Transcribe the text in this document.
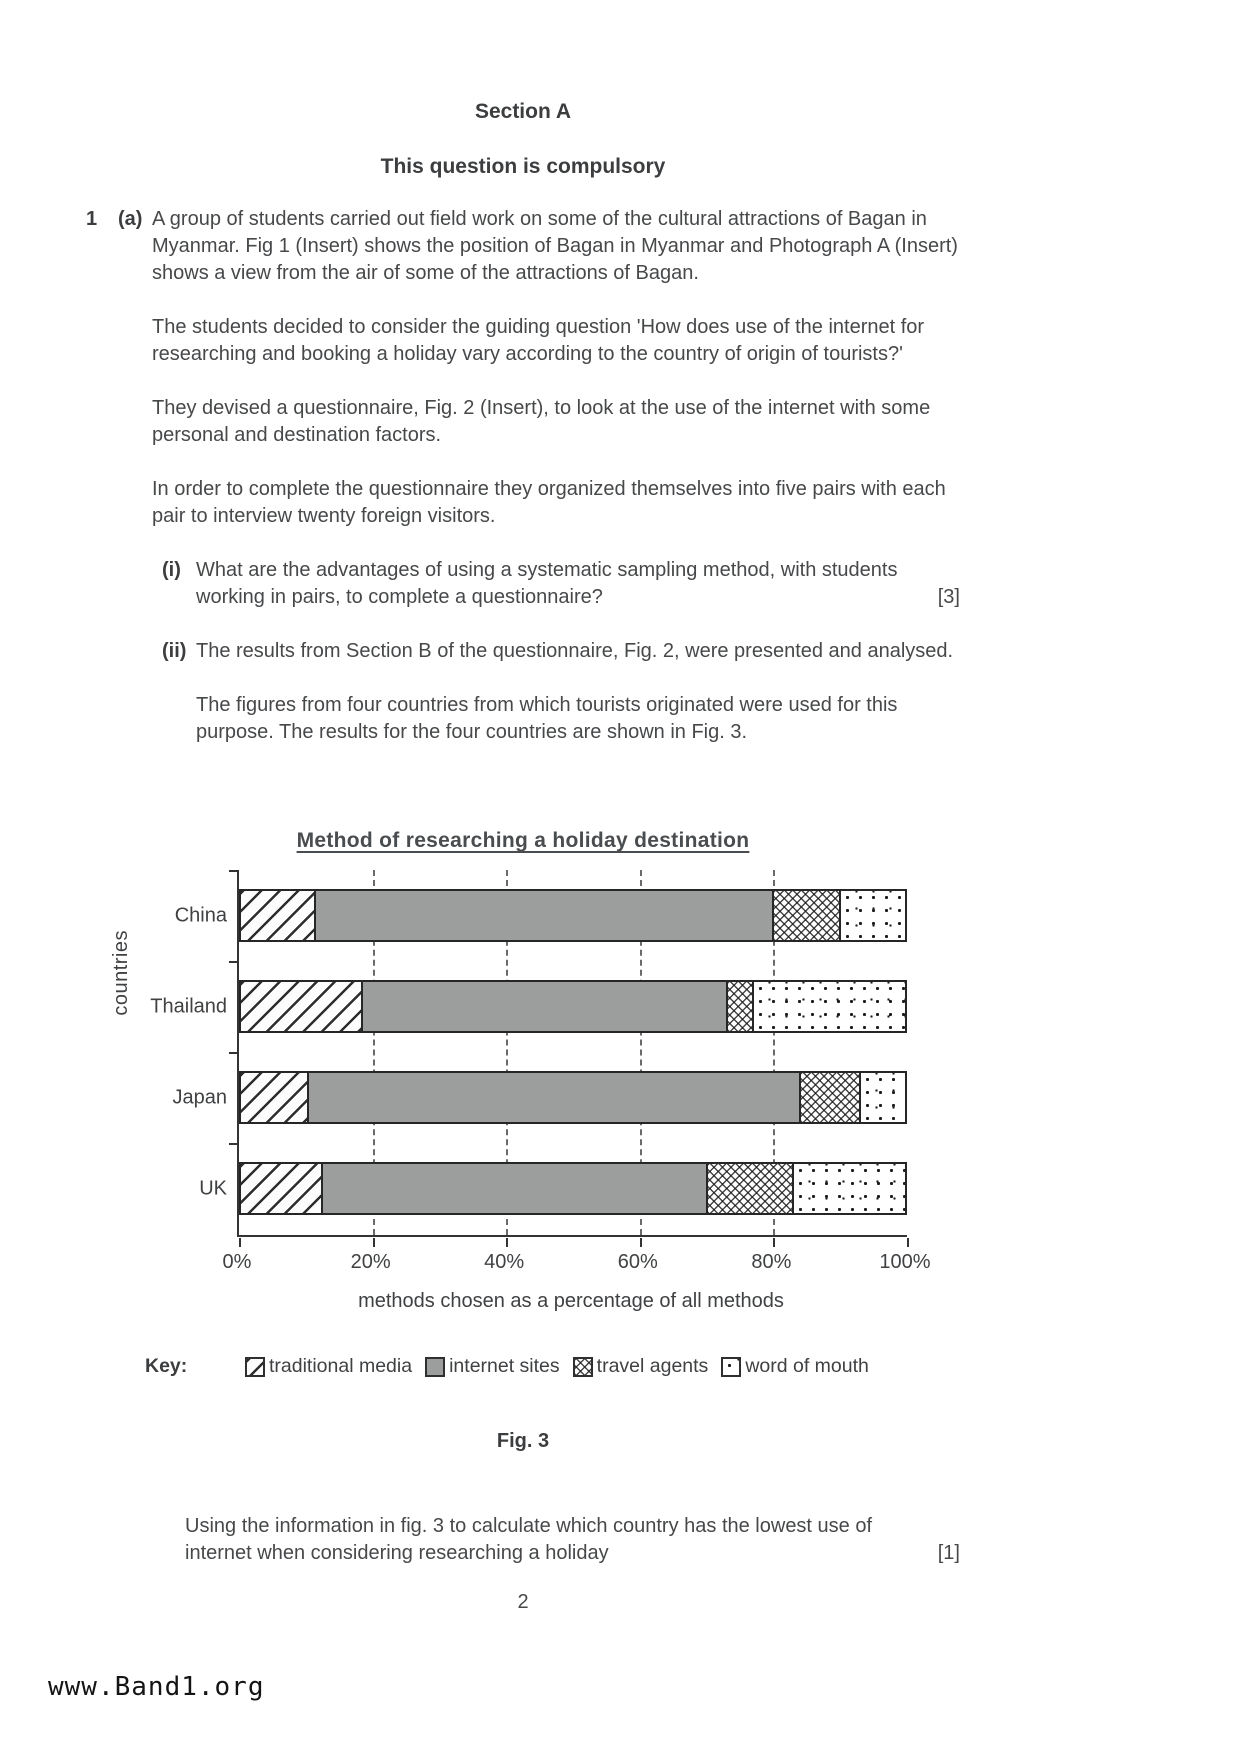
Section A
This question is compulsory
1	(a) A group of students carried out field work on some of the cultural attractions of Bagan in Myanmar. Fig 1 (Insert) shows the position of Bagan in Myanmar and Photograph A (Insert) shows a view from the air of some of the attractions of Bagan.

The students decided to consider the guiding question 'How does use of the internet for researching and booking a holiday vary according to the country of origin of tourists?'

They devised a questionnaire, Fig. 2 (Insert), to look at the use of the internet with some personal and destination factors.

In order to complete the questionnaire they organized themselves into five pairs with each pair to interview twenty foreign visitors.

(i) What are the advantages of using a systematic sampling method, with students working in pairs, to complete a questionnaire?	[3]
(ii) The results from Section B of the questionnaire, Fig. 2, were presented and analysed.
The figures from four countries from which tourists originated were used for this purpose. The results for the four countries are shown in Fig. 3.
Method of researching a holiday destination
countries
China
Thailand
Japan
UK
0%	20%	40%	60%	80%	100%
methods chosen as a percentage of all methods
Key:	traditional media internet sites travel agents word of mouth
Fig. 3
Using the information in fig. 3 to calculate which country has the lowest use of internet when considering researching a holiday	[1]
2
www.Band1.org
